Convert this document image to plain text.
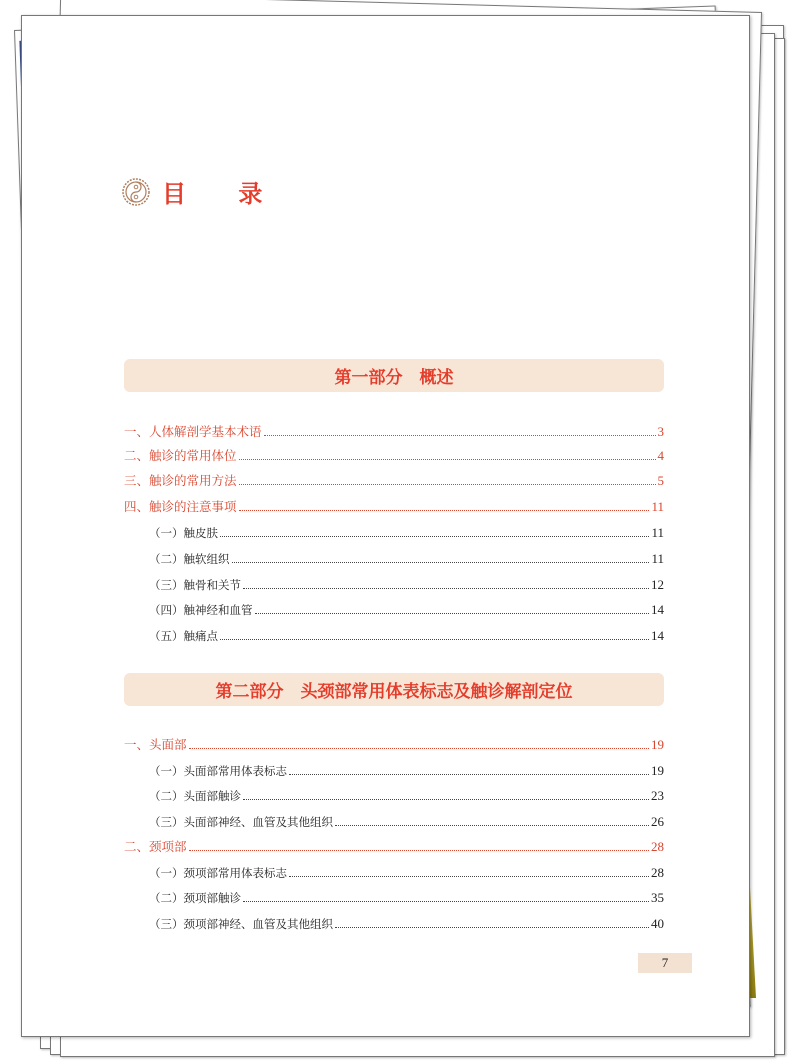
目 录
第一部分　概述
一、人体解剖学基本术语	3
二、触诊的常用体位	4
三、触诊的常用方法	5
四、触诊的注意事项	11
（一）触皮肤	11
（二）触软组织	11
（三）触骨和关节	12
（四）触神经和血管	14
（五）触痛点	14
第二部分　头颈部常用体表标志及触诊解剖定位
一、头面部	19
（一）头面部常用体表标志	19
（二）头面部触诊	23
（三）头面部神经、血管及其他组织	26
二、颈项部	28
（一）颈项部常用体表标志	28
（二）颈项部触诊	35
（三）颈项部神经、血管及其他组织	40
7
